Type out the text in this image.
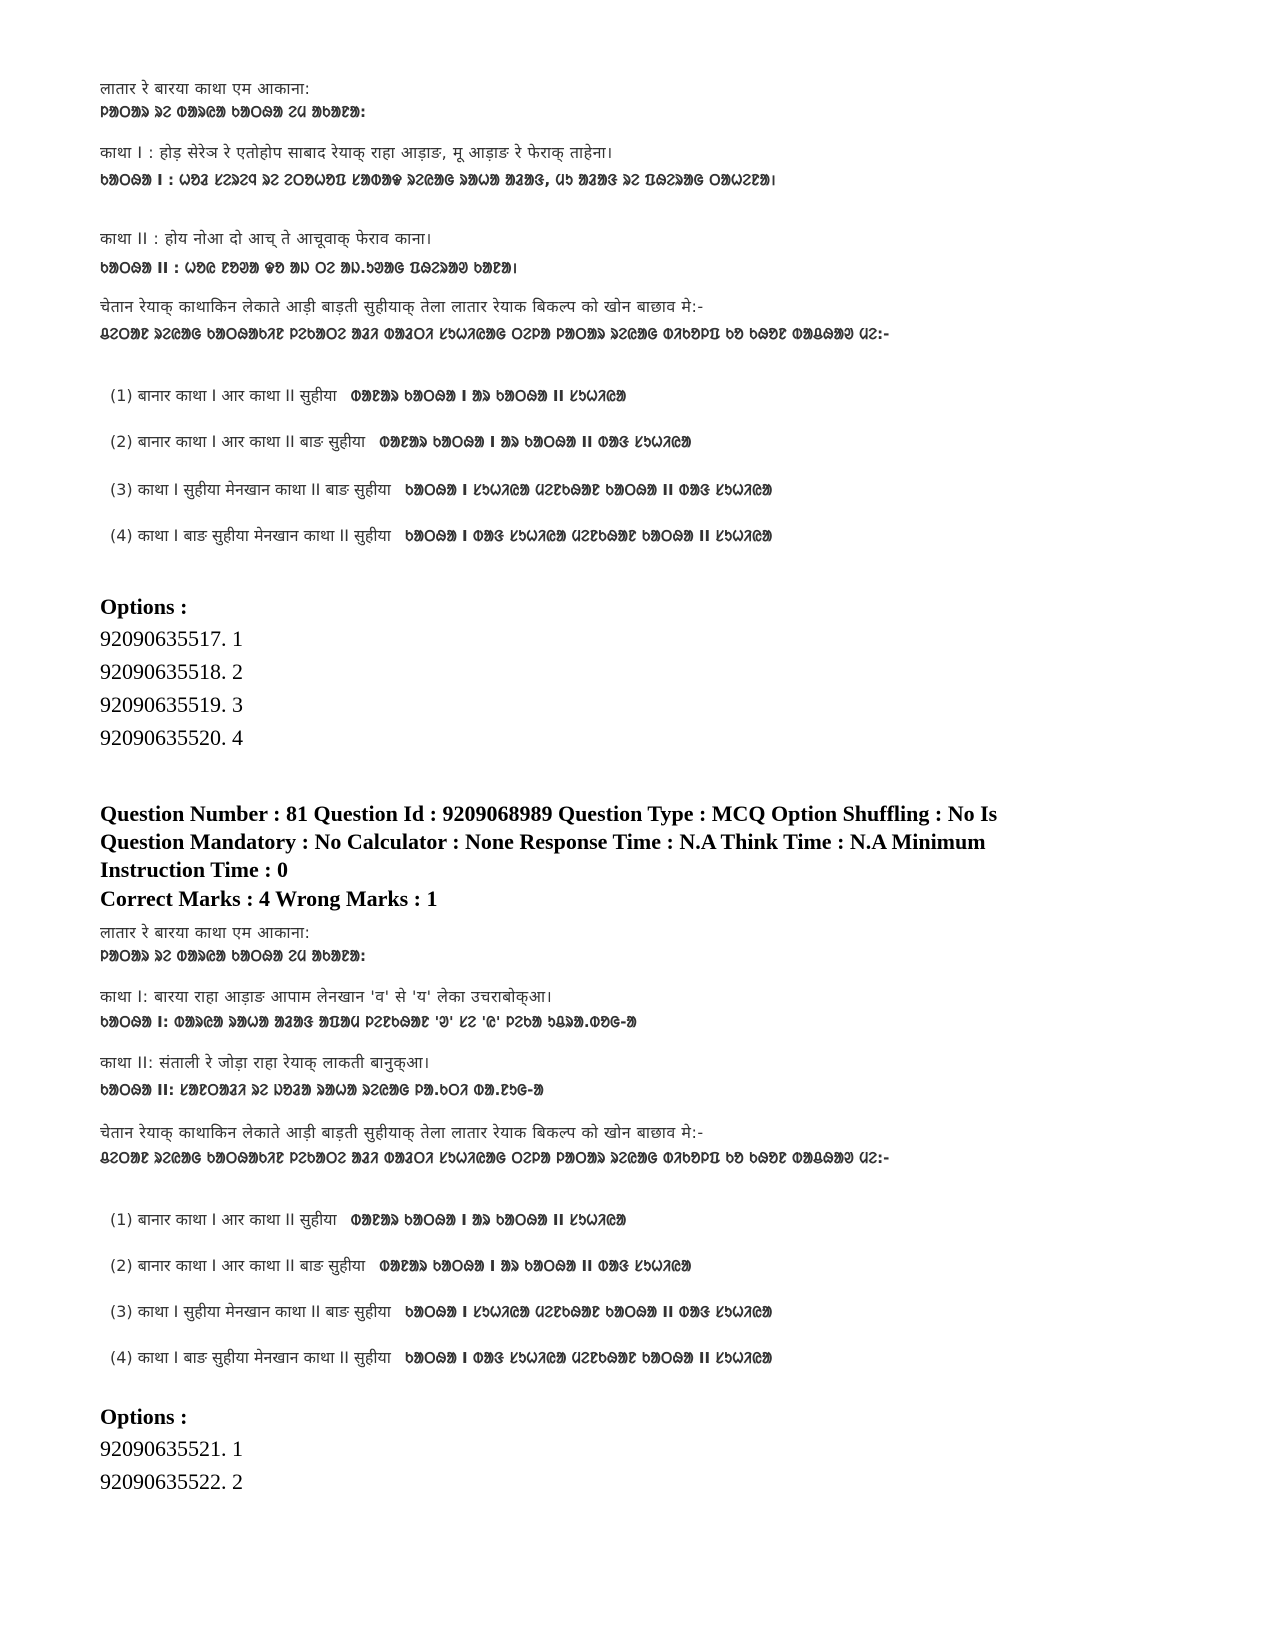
लातार रे बारया काथा एम आकाना:
ᱞᱟᱛᱟᱨ ᱨᱮ ᱵᱟᱨᱭᱟ ᱠᱟᱛᱷᱟ ᱮᱢ ᱟᱠᱟᱱᱟ:
काथा I : होड़ सेरेञ रे एतोहोप साबाद रेयाक् राहा आड़ाङ, मू आड़ाङ रे फेराक् ताहेना।
ᱠᱟᱛᱷᱟ I : ᱦᱚᱲ ᱥᱮᱨᱮᱧ ᱨᱮ ᱮᱛᱚᱦᱚᱯ ᱥᱟᱵᱟᱫ ᱨᱮᱭᱟᱜ ᱨᱟᱦᱟ ᱟᱲᱟᱝ, ᱢᱩ ᱟᱲᱟᱝ ᱨᱮ ᱯᱷᱮᱨᱟᱜ ᱛᱟᱦᱮᱱᱟ।
काथा II : होय नोआ दो आच् ते आचूवाक् फेराव काना।
ᱠᱟᱛᱷᱟ II : ᱦᱚᱭ ᱱᱚᱣᱟ ᱫᱚ ᱟᱡ ᱛᱮ ᱟᱡ.ᱩᱣᱟᱜ ᱯᱷᱮᱨᱟᱣ ᱠᱟᱱᱟ।
चेतान रेयाक् काथाकिन लेकाते आड़ी बाड़ती सुहीयाक् तेला लातार रेयाक बिकल्प को खोन बाछाव मे:-
ᱪᱮᱛᱟᱱ ᱨᱮᱭᱟᱜ ᱠᱟᱛᱷᱟᱠᱤᱱ ᱞᱮᱠᱟᱛᱮ ᱟᱲᱤ ᱵᱟᱲᱛᱤ ᱥᱩᱦᱤᱭᱟᱜ ᱛᱮᱞᱟ ᱞᱟᱛᱟᱨ ᱨᱮᱭᱟᱜ ᱵᱤᱠᱚᱞᱯ ᱠᱚ ᱠᱷᱚᱱ ᱵᱟᱪᱷᱟᱣ ᱢᱮ:-
(1) बानार काथा I आर काथा II सुहीया ᱵᱟᱱᱟᱨ ᱠᱟᱛᱷᱟ I ᱟᱨ ᱠᱟᱛᱷᱟ II ᱥᱩᱦᱤᱭᱟ
(2) बानार काथा I आर काथा II बाङ सुहीया ᱵᱟᱱᱟᱨ ᱠᱟᱛᱷᱟ I ᱟᱨ ᱠᱟᱛᱷᱟ II ᱵᱟᱝ ᱥᱩᱦᱤᱭᱟ
(3) काथा I सुहीया मेनखान काथा II बाङ सुहीया ᱠᱟᱛᱷᱟ I ᱥᱩᱦᱤᱭᱟ ᱢᱮᱱᱠᱷᱟᱱ ᱠᱟᱛᱷᱟ II ᱵᱟᱝ ᱥᱩᱦᱤᱭᱟ
(4) काथा I बाङ सुहीया मेनखान काथा II सुहीया ᱠᱟᱛᱷᱟ I ᱵᱟᱝ ᱥᱩᱦᱤᱭᱟ ᱢᱮᱱᱠᱷᱟᱱ ᱠᱟᱛᱷᱟ II ᱥᱩᱦᱤᱭᱟ
Options :
92090635517. 1
92090635518. 2
92090635519. 3
92090635520. 4
Question Number : 81 Question Id : 9209068989 Question Type : MCQ Option Shuffling : No Is Question Mandatory : No Calculator : None Response Time : N.A Think Time : N.A Minimum Instruction Time : 0
Correct Marks : 4 Wrong Marks : 1
लातार रे बारया काथा एम आकाना:
ᱞᱟᱛᱟᱨ ᱨᱮ ᱵᱟᱨᱭᱟ ᱠᱟᱛᱷᱟ ᱮᱢ ᱟᱠᱟᱱᱟ:
काथा I: बारया राहा आड़ाङ आपाम लेनखान 'व' से 'य' लेका उचराबोक्आ।
ᱠᱟᱛᱷᱟ I: ᱵᱟᱨᱭᱟ ᱨᱟᱦᱟ ᱟᱲᱟᱝ ᱟᱯᱟᱢ ᱞᱮᱱᱠᱷᱟᱱ 'ᱣ' ᱥᱮ 'ᱭ' ᱞᱮᱠᱟ ᱩᱪᱨᱟ.ᱵᱚᱜ-ᱟ
काथा II: संताली रे जोड़ा राहा रेयाक् लाकती बानुक्आ।
ᱠᱟᱛᱷᱟ II: ᱥᱟᱱᱛᱟᱲᱤ ᱨᱮ ᱡᱚᱲᱟ ᱨᱟᱦᱟ ᱨᱮᱭᱟᱜ ᱞᱟ.ᱠᱛᱤ ᱵᱟ.ᱱᱩᱜ-ᱟ
चेतान रेयाक् काथाकिन लेकाते आड़ी बाड़ती सुहीयाक् तेला लातार रेयाक बिकल्प को खोन बाछाव मे:-
ᱪᱮᱛᱟᱱ ᱨᱮᱭᱟᱜ ᱠᱟᱛᱷᱟᱠᱤᱱ ᱞᱮᱠᱟᱛᱮ ᱟᱲᱤ ᱵᱟᱲᱛᱤ ᱥᱩᱦᱤᱭᱟᱜ ᱛᱮᱞᱟ ᱞᱟᱛᱟᱨ ᱨᱮᱭᱟᱜ ᱵᱤᱠᱚᱞᱯ ᱠᱚ ᱠᱷᱚᱱ ᱵᱟᱪᱷᱟᱣ ᱢᱮ:-
(1) बानार काथा I आर काथा II सुहीया ᱵᱟᱱᱟᱨ ᱠᱟᱛᱷᱟ I ᱟᱨ ᱠᱟᱛᱷᱟ II ᱥᱩᱦᱤᱭᱟ
(2) बानार काथा I आर काथा II बाङ सुहीया ᱵᱟᱱᱟᱨ ᱠᱟᱛᱷᱟ I ᱟᱨ ᱠᱟᱛᱷᱟ II ᱵᱟᱝ ᱥᱩᱦᱤᱭᱟ
(3) काथा I सुहीया मेनखान काथा II बाङ सुहीया ᱠᱟᱛᱷᱟ I ᱥᱩᱦᱤᱭᱟ ᱢᱮᱱᱠᱷᱟᱱ ᱠᱟᱛᱷᱟ II ᱵᱟᱝ ᱥᱩᱦᱤᱭᱟ
(4) काथा I बाङ सुहीया मेनखान काथा II सुहीया ᱠᱟᱛᱷᱟ I ᱵᱟᱝ ᱥᱩᱦᱤᱭᱟ ᱢᱮᱱᱠᱷᱟᱱ ᱠᱟᱛᱷᱟ II ᱥᱩᱦᱤᱭᱟ
Options :
92090635521. 1
92090635522. 2
